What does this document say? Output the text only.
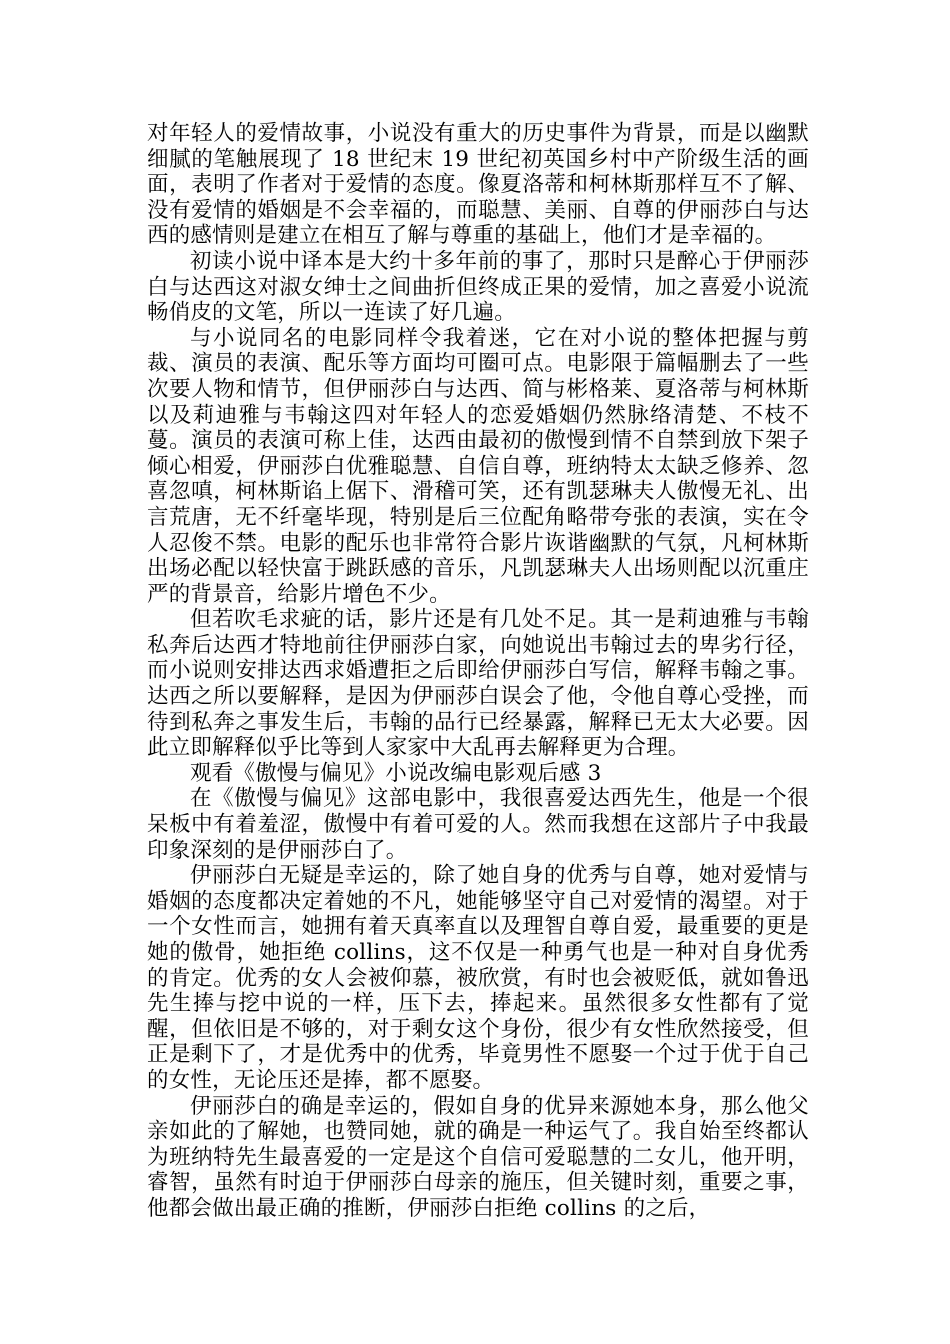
对年轻人的爱情故事，小说没有重大的历史事件为背景，而是以幽默细腻的笔触展现了 18 世纪末 19 世纪初英国乡村中产阶级生活的画面，表明了作者对于爱情的态度。像夏洛蒂和柯林斯那样互不了解、没有爱情的婚姻是不会幸福的，而聪慧、美丽、自尊的伊丽莎白与达西的感情则是建立在相互了解与尊重的基础上，他们才是幸福的。

初读小说中译本是大约十多年前的事了，那时只是醉心于伊丽莎白与达西这对淑女绅士之间曲折但终成正果的爱情，加之喜爱小说流畅俏皮的文笔，所以一连读了好几遍。

与小说同名的电影同样令我着迷，它在对小说的整体把握与剪裁、演员的表演、配乐等方面均可圈可点。电影限于篇幅删去了一些次要人物和情节，但伊丽莎白与达西、简与彬格莱、夏洛蒂与柯林斯以及莉迪雅与韦翰这四对年轻人的恋爱婚姻仍然脉络清楚、不枝不蔓。演员的表演可称上佳，达西由最初的傲慢到情不自禁到放下架子倾心相爱，伊丽莎白优雅聪慧、自信自尊，班纳特太太缺乏修养、忽喜忽嗔，柯林斯谄上倨下、滑稽可笑，还有凯瑟琳夫人傲慢无礼、出言荒唐，无不纤毫毕现，特别是后三位配角略带夸张的表演，实在令人忍俊不禁。电影的配乐也非常符合影片诙谐幽默的气氛，凡柯林斯出场必配以轻快富于跳跃感的音乐，凡凯瑟琳夫人出场则配以沉重庄严的背景音，给影片增色不少。

但若吹毛求疵的话，影片还是有几处不足。其一是莉迪雅与韦翰私奔后达西才特地前往伊丽莎白家，向她说出韦翰过去的卑劣行径，而小说则安排达西求婚遭拒之后即给伊丽莎白写信，解释韦翰之事。达西之所以要解释，是因为伊丽莎白误会了他，令他自尊心受挫，而待到私奔之事发生后，韦翰的品行已经暴露，解释已无太大必要。因此立即解释似乎比等到人家家中大乱再去解释更为合理。

观看《傲慢与偏见》小说改编电影观后感 3

在《傲慢与偏见》这部电影中，我很喜爱达西先生，他是一个很呆板中有着羞涩，傲慢中有着可爱的人。然而我想在这部片子中我最印象深刻的是伊丽莎白了。

伊丽莎白无疑是幸运的，除了她自身的优秀与自尊，她对爱情与婚姻的态度都决定着她的不凡，她能够坚守自己对爱情的渴望。对于一个女性而言，她拥有着天真率直以及理智自尊自爱，最重要的更是她的傲骨，她拒绝 collins，这不仅是一种勇气也是一种对自身优秀的肯定。优秀的女人会被仰慕，被欣赏，有时也会被贬低，就如鲁迅先生捧与挖中说的一样，压下去，捧起来。虽然很多女性都有了觉醒，但依旧是不够的，对于剩女这个身份，很少有女性欣然接受，但正是剩下了，才是优秀中的优秀，毕竟男性不愿娶一个过于优于自己的女性，无论压还是捧，都不愿娶。

伊丽莎白的确是幸运的，假如自身的优异来源她本身，那么他父亲如此的了解她，也赞同她，就的确是一种运气了。我自始至终都认为班纳特先生最喜爱的一定是这个自信可爱聪慧的二女儿，他开明，睿智，虽然有时迫于伊丽莎白母亲的施压，但关键时刻，重要之事，他都会做出最正确的推断，伊丽莎白拒绝 collins 的之后，
